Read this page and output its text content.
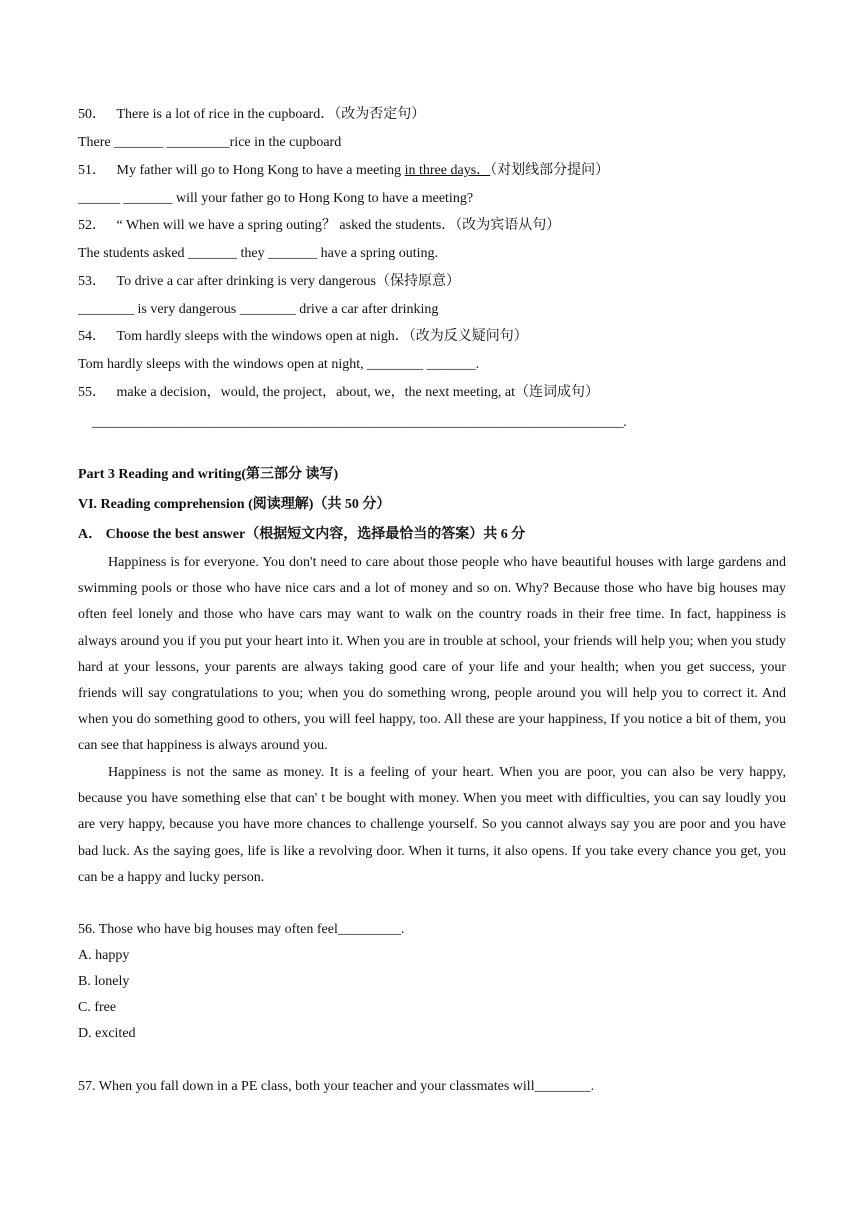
50． There is a lot of rice in the cupboard．（改为否定句）
There _______ _________rice in the cupboard
51． My father will go to Hong Kong to have a meeting in three days．（对划线部分提问）
______ _______ will your father go to Hong Kong to have a meeting?
52． “ When will we have a spring outing？ asked the students．（改为宾语从句）
The students asked _______ they _______ have a spring outing.
53． To drive a car after drinking is very dangerous（保持原意）
________ is very dangerous ________ drive a car after drinking
54． Tom hardly sleeps with the windows open at nigh．（改为反义疑问句）
Tom hardly sleeps with the windows open at night, ________ _______.
55． make a decision，would, the project，about, we，the next meeting, at（连词成句）
___________________________________________________________________________________.
Part 3 Reading and writing(第三部分 读写)
VI. Reading comprehension (阅读理解)（共 50 分）
A． Choose the best answer（根据短文内容，选择最恰当的答案）共 6 分
Happiness is for everyone. You don't need to care about those people who have beautiful houses with large gardens and swimming pools or those who have nice cars and a lot of money and so on. Why? Because those who have big houses may often feel lonely and those who have cars may want to walk on the country roads in their free time. In fact, happiness is always around you if you put your heart into it. When you are in trouble at school, your friends will help you; when you study hard at your lessons, your parents are always taking good care of your life and your health; when you get success, your friends will say congratulations to you; when you do something wrong, people around you will help you to correct it. And when you do something good to others, you will feel happy, too. All these are your happiness, If you notice a bit of them, you can see that happiness is always around you.
Happiness is not the same as money. It is a feeling of your heart. When you are poor, you can also be very happy, because you have something else that can' t be bought with money. When you meet with difficulties, you can say loudly you are very happy, because you have more chances to challenge yourself. So you cannot always say you are poor and you have bad luck. As the saying goes, life is like a revolving door. When it turns, it also opens. If you take every chance you get, you can be a happy and lucky person.
56. Those who have big houses may often feel_________.
A. happy
B. lonely
C. free
D. excited
57. When you fall down in a PE class, both your teacher and your classmates will________.
